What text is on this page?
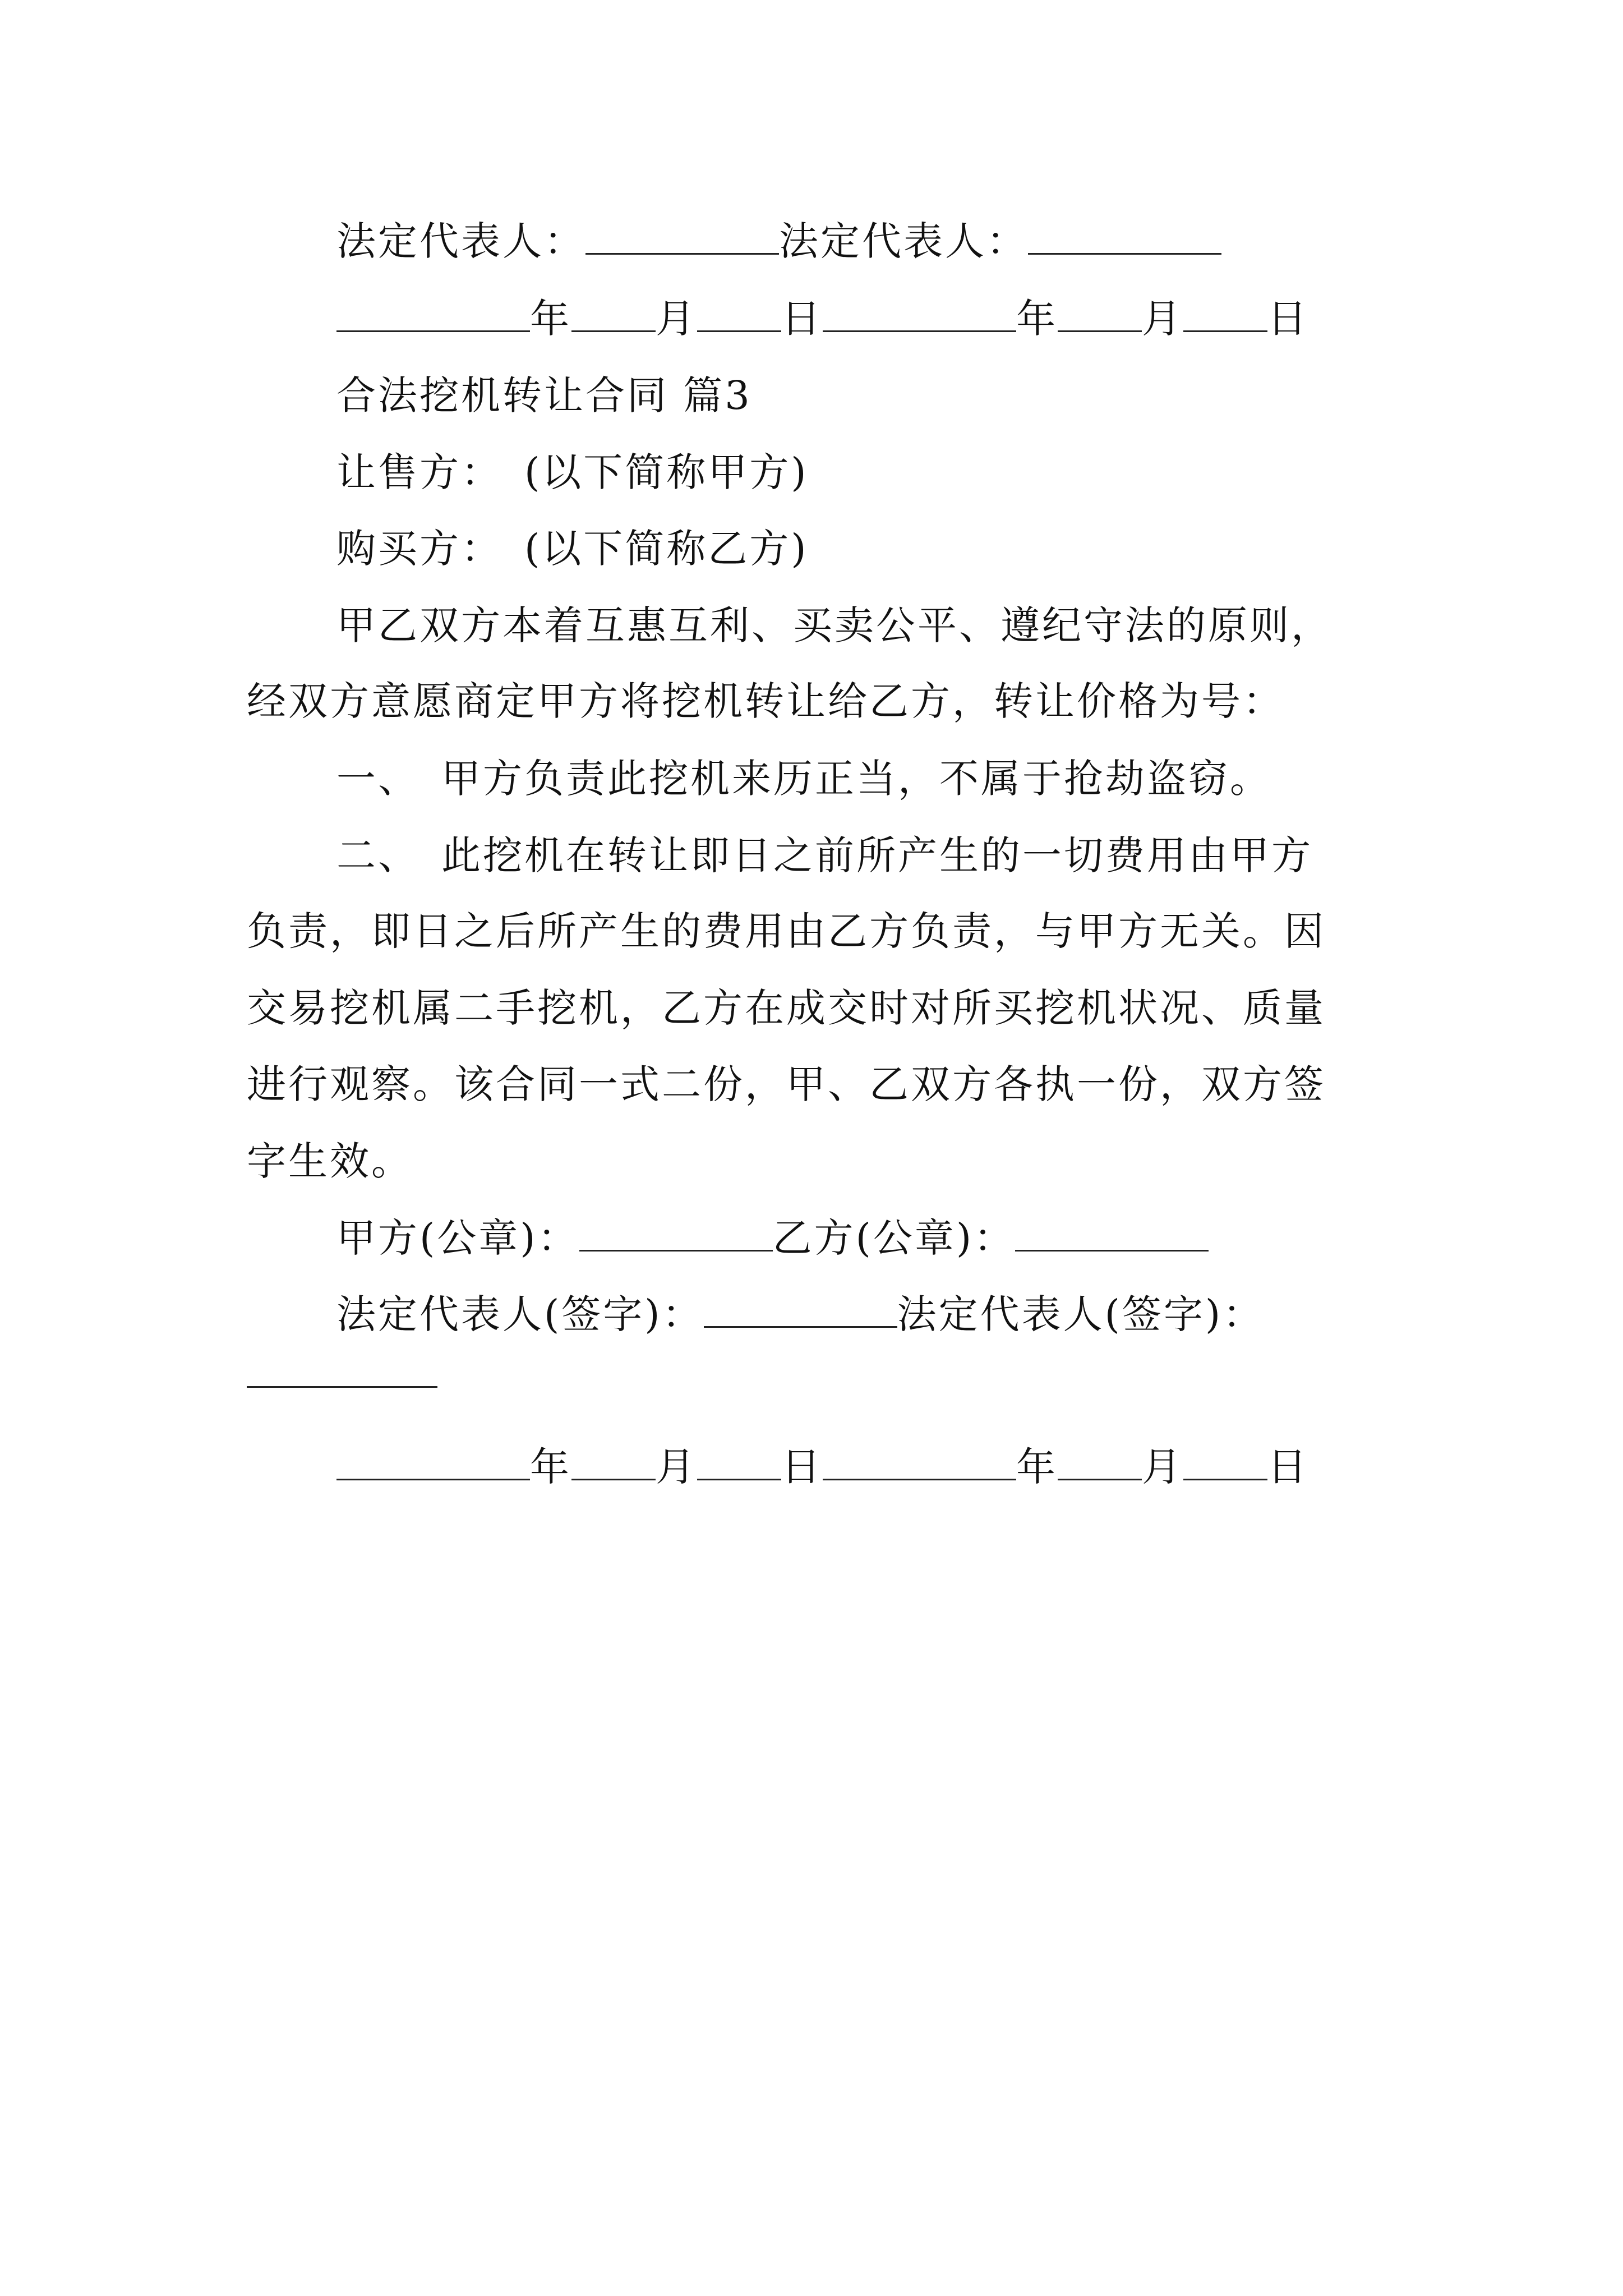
法定代表人：	法定代表人：
年 月 日	年 月 日
合法挖机转让合同 篇3
让售方：　(以下简称甲方)
购买方：　(以下简称乙方)
甲乙双方本着互惠互利、买卖公平、遵纪守法的原则，
经双方意愿商定甲方将挖机转让给乙方，转让价格为号：
一、　甲方负责此挖机来历正当，不属于抢劫盗窃。
二、　此挖机在转让即日之前所产生的一切费用由甲方
负责，即日之后所产生的费用由乙方负责，与甲方无关。因
交易挖机属二手挖机，乙方在成交时对所买挖机状况、质量
进行观察。该合同一式二份，甲、乙双方各执一份，双方签
字生效。
甲方(公章)：	乙方(公章)：
法定代表人(签字)：	法定代表人(签字)：
年 月 日	年 月 日
